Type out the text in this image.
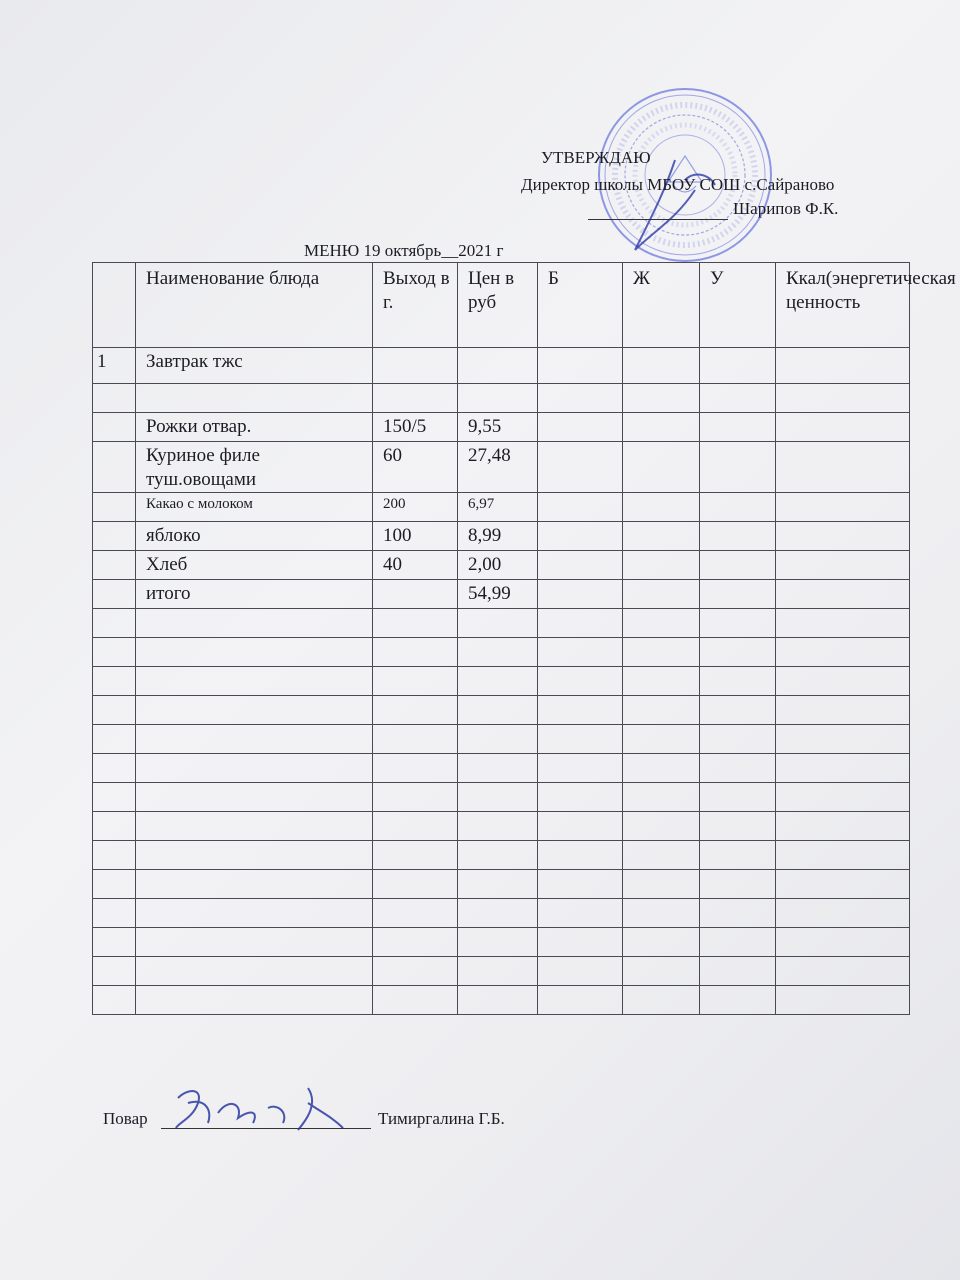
УТВЕРЖДАЮ
Директор школы МБОУ СОШ с.Сайраново
Шарипов Ф.К.
МЕНЮ 19 октябрь__2021 г
	Наименование блюда	Выход в г.	Цен в руб	Б	Ж	У	Ккал(энергетическая ценность
1	Завтрак тжс						

	Рожки отвар.	150/5	9,55				
	Куриное филе туш.овощами	60	27,48				
	Какао с молоком	200	6,97				
	яблоко	100	8,99				
	Хлеб	40	2,00				
	итого		54,99				

Повар	Тимиргалина Г.Б.
